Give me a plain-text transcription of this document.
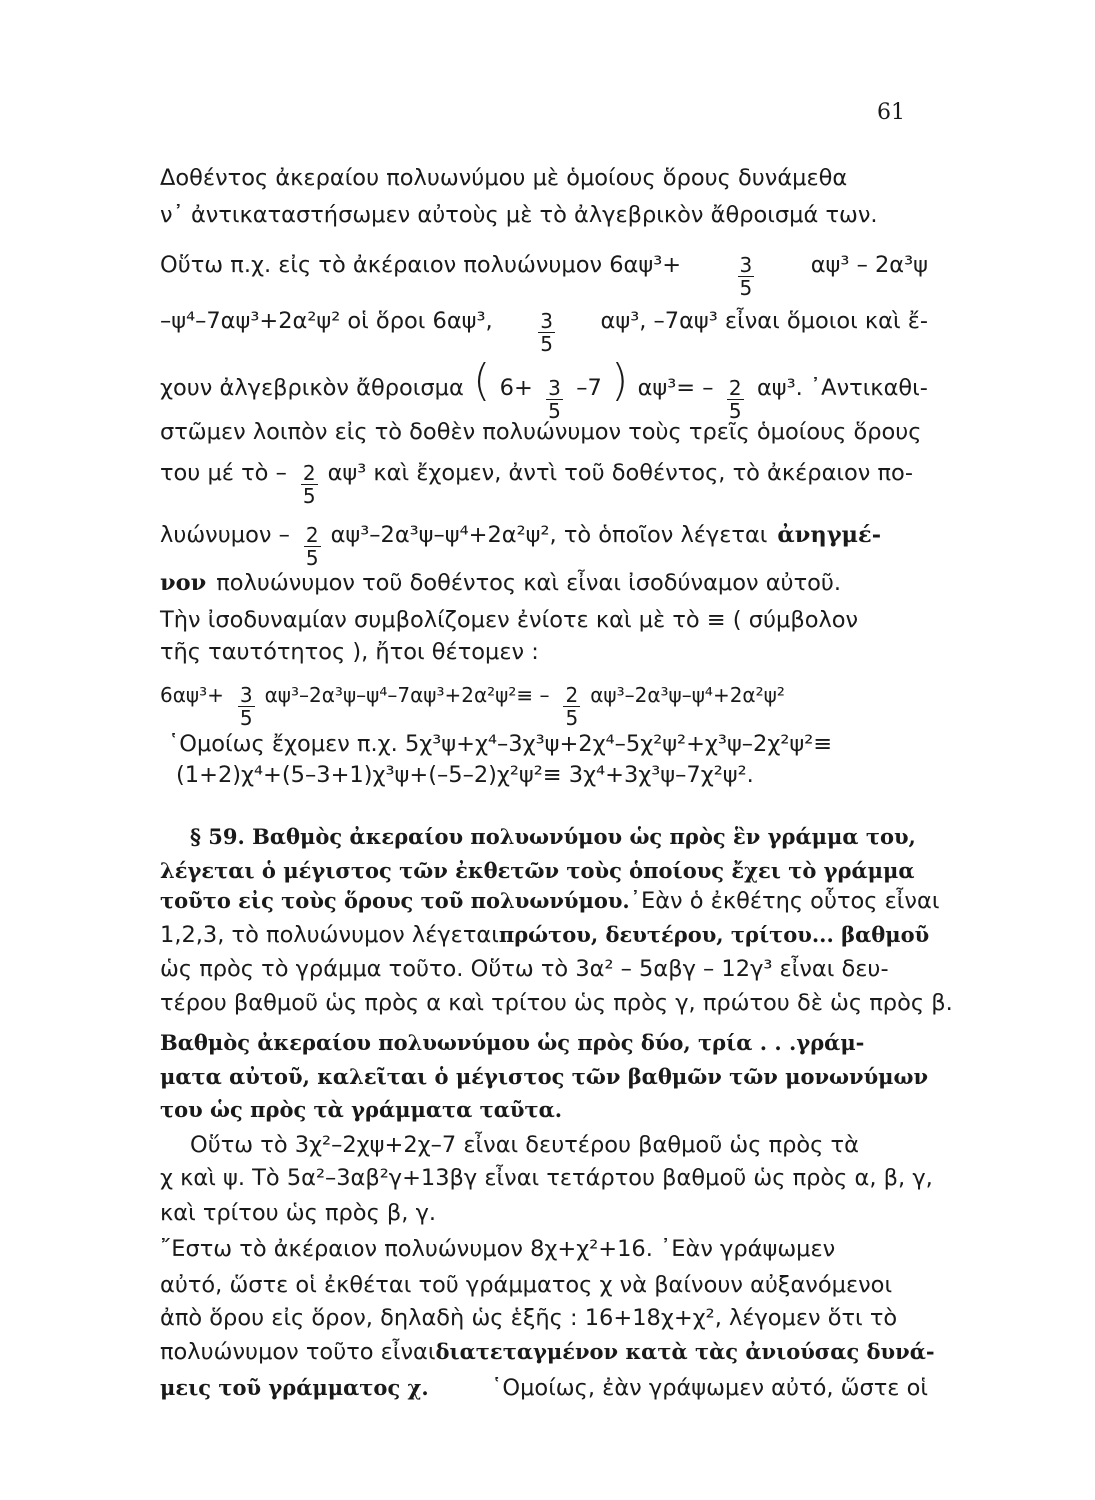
61
Δοθέντος ἀκεραίου πολυωνύμου μὲ ὁμοίους ὅρους δυνάμεθα
ν᾽ ἀντικαταστήσωμεν αὐτοὺς μὲ τὸ ἀλγεβρικὸν ἄθροισμά των.
Οὕτω π.χ. εἰς τὸ ἀκέραιον πολυώνυμον 6αψ³+	$\frac{3}{5}$	αψ³ – 2α³ψ
–ψ⁴–7αψ³+2α²ψ² οἱ ὅροι 6αψ³, $\frac{3}{5} \alpha\psi^3$, –7αψ³ εἶναι ὅμοιοι καὶ ἔ-
χουν ἀλγεβρικὸν ἄθροισμα ( $6+ \frac{3}{5} -7$ ) $\alpha\psi^3= - \frac{2}{5} \alpha\psi^3$. ᾽Αντικαθι-
στῶμεν λοιπὸν εἰς τὸ δοθὲν πολυώνυμον τοὺς τρεῖς ὁμοίους ὅρους
του μέ τὸ – $\frac{2}{5} \alpha\psi^3$ καὶ ἔχομεν, ἀντὶ τοῦ δοθέντος, τὸ ἀκέραιον πο-
$\lambda\upsilon ώ\nu\upsilon\mu o\nu - \frac{2}{5} \alpha\psi^3-2\alpha^3\psi-\psi^4+2\alpha^2\psi^2$, τὸ ὁποῖον λέγεται ἀνηγμέ-
νον πολυώνυμον τοῦ δοθέντος καὶ εἶναι ἰσοδύναμον αὐτοῦ.
Τὴν ἰσοδυναμίαν συμβολίζομεν ἐνίοτε καὶ μὲ τὸ ≡ ( σύμβολον
τῆς ταυτότητος ), ἤτοι θέτομεν :
$6\alpha\psi^3+ \frac{3}{5} \alpha\psi^3-2\alpha^3\psi-\psi^4-7\alpha\psi^3+2\alpha^2\psi^2\equiv - \frac{2}{5} \alpha\psi^3-2\alpha^3\psi-\psi^4+2\alpha^2\psi^2$
῾Ομοίως ἔχομεν π.χ. 5χ³ψ+χ⁴–3χ³ψ+2χ⁴–5χ²ψ²+χ³ψ–2χ²ψ²≡
(1+2)χ⁴+(5–3+1)χ³ψ+(–5–2)χ²ψ²≡ 3χ⁴+3χ³ψ–7χ²ψ².
§ 59. Βαθμὸς ἀκεραίου πολυωνύμου ὡς πρὸς ἓν γράμμα του,
λέγεται ὁ μέγιστος τῶν ἐκθετῶν τοὺς ὁποίους ἔχει τὸ γράμμα
τοῦτο εἰς τοὺς ὅρους τοῦ πολυωνύμου. ᾽Εὰν ὁ ἐκθέτης οὗτος εἶναι
1,2,3, τὸ πολυώνυμον λέγεται πρώτου, δευτέρου, τρίτου... βαθμοῦ
ὡς πρὸς τὸ γράμμα τοῦτο. Οὕτω τὸ 3α² – 5αβγ – 12γ³ εἶναι δευ-
τέρου βαθμοῦ ὡς πρὸς α καὶ τρίτου ὡς πρὸς γ, πρώτου δὲ ὡς πρὸς β.
Βαθμὸς ἀκεραίου πολυωνύμου ὡς πρὸς δύο, τρία . . .γράμ-
ματα αὐτοῦ, καλεῖται ὁ μέγιστος τῶν βαθμῶν τῶν μονωνύμων
του ὡς πρὸς τὰ γράμματα ταῦτα.
Οὕτω τὸ 3χ²–2χψ+2χ–7 εἶναι δευτέρου βαθμοῦ ὡς πρὸς τὰ
χ καὶ ψ. Τὸ 5α²–3αβ²γ+13βγ εἶναι τετάρτου βαθμοῦ ὡς πρὸς α, β, γ,
καὶ τρίτου ὡς πρὸς β, γ.
῎Εστω τὸ ἀκέραιον πολυώνυμον 8χ+χ²+16. ᾽Εὰν γράψωμεν
αὐτό, ὥστε οἱ ἐκθέται τοῦ γράμματος χ νὰ βαίνουν αὐξανόμενοι
ἀπὸ ὅρου εἰς ὅρον, δηλαδὴ ὡς ἑξῆς : 16+18χ+χ², λέγομεν ὅτι τὸ
πολυώνυμον τοῦτο εἶναι διατεταγμένον κατὰ τὰς ἀνιούσας δυνά-
μεις τοῦ γράμματος χ.	῾Ομοίως, ἐὰν γράψωμεν αὐτό, ὥστε οἱ
